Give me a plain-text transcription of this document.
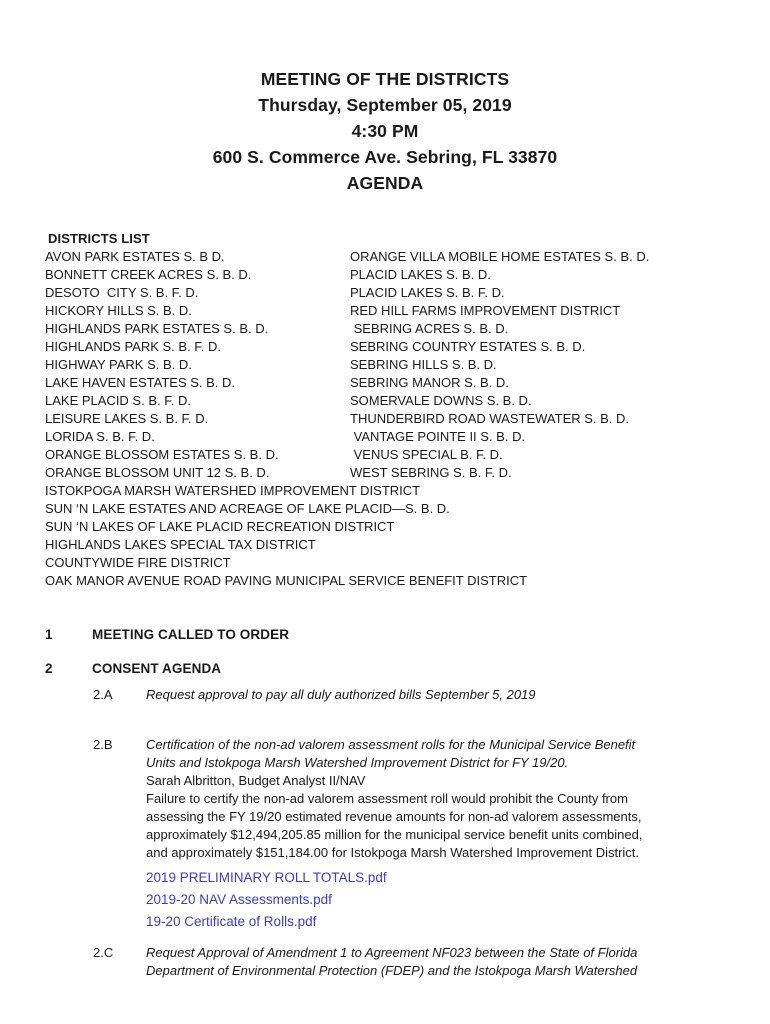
MEETING OF THE DISTRICTS
Thursday, September 05, 2019
4:30 PM
600 S. Commerce Ave. Sebring, FL 33870
AGENDA
DISTRICTS LIST
AVON PARK ESTATES S. B D.	ORANGE VILLA MOBILE HOME ESTATES S. B. D.
BONNETT CREEK ACRES S. B. D.	PLACID LAKES S. B. D.
DESOTO  CITY S. B. F. D.	PLACID LAKES S. B. F. D.
HICKORY HILLS S. B. D.	RED HILL FARMS IMPROVEMENT DISTRICT
HIGHLANDS PARK ESTATES S. B. D.	SEBRING ACRES S. B. D.
HIGHLANDS PARK S. B. F. D.	SEBRING COUNTRY ESTATES S. B. D.
HIGHWAY PARK S. B. D.	SEBRING HILLS S. B. D.
LAKE HAVEN ESTATES S. B. D.	SEBRING MANOR S. B. D.
LAKE PLACID S. B. F. D.	SOMERVALE DOWNS S. B. D.
LEISURE LAKES S. B. F. D.	THUNDERBIRD ROAD WASTEWATER S. B. D.
LORIDA S. B. F. D.	VANTAGE POINTE II S. B. D.
ORANGE BLOSSOM ESTATES S. B. D.	VENUS SPECIAL B. F. D.
ORANGE BLOSSOM UNIT 12 S. B. D.	WEST SEBRING S. B. F. D.
ISTOKPOGA MARSH WATERSHED IMPROVEMENT DISTRICT
SUN ‘N LAKE ESTATES AND ACREAGE OF LAKE PLACID—S. B. D.
SUN ‘N LAKES OF LAKE PLACID RECREATION DISTRICT
HIGHLANDS LAKES SPECIAL TAX DISTRICT
COUNTYWIDE FIRE DISTRICT
OAK MANOR AVENUE ROAD PAVING MUNICIPAL SERVICE BENEFIT DISTRICT
1	MEETING CALLED TO ORDER
2	CONSENT AGENDA
2.A	Request approval to pay all duly authorized bills September 5, 2019
2.B	Certification of the non-ad valorem assessment rolls for the Municipal Service Benefit
Units and Istokpoga Marsh Watershed Improvement District for FY 19/20.
Sarah Albritton, Budget Analyst II/NAV
Failure to certify the non-ad valorem assessment roll would prohibit the County from
assessing the FY 19/20 estimated revenue amounts for non-ad valorem assessments,
approximately $12,494,205.85 million for the municipal service benefit units combined,
and approximately $151,184.00 for Istokpoga Marsh Watershed Improvement District.
2019 PRELIMINARY ROLL TOTALS.pdf
2019-20 NAV Assessments.pdf
19-20 Certificate of Rolls.pdf
2.C	Request Approval of Amendment 1 to Agreement NF023 between the State of Florida
Department of Environmental Protection (FDEP) and the Istokpoga Marsh Watershed
